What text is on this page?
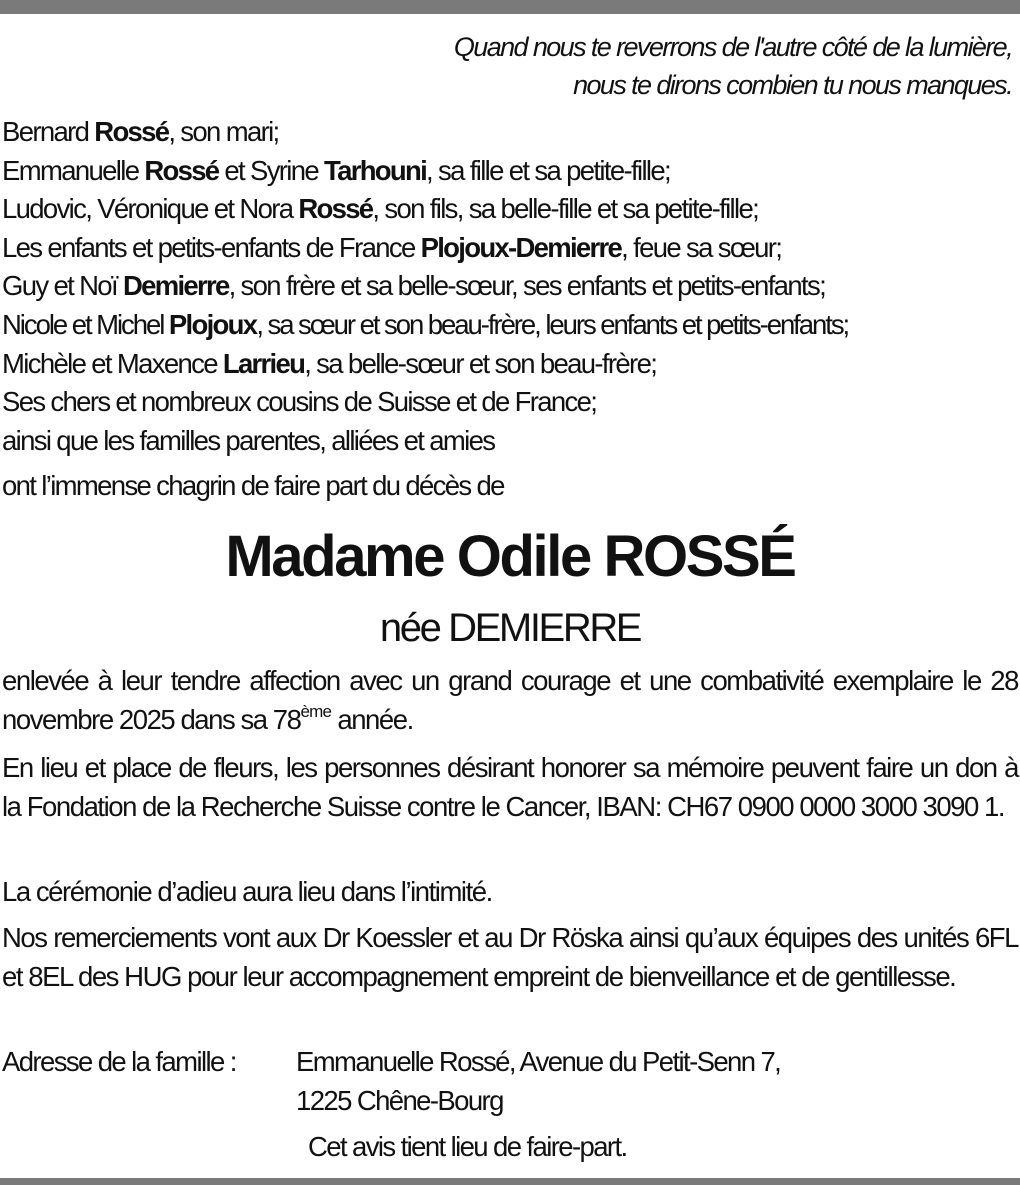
Quand nous te reverrons de l'autre côté de la lumière,
nous te dirons combien tu nous manques.
Bernard Rossé, son mari;
Emmanuelle Rossé et Syrine Tarhouni, sa fille et sa petite-fille;
Ludovic, Véronique et Nora Rossé, son fils, sa belle-fille et sa petite-fille;
Les enfants et petits-enfants de France Plojoux-Demierre, feue sa sœur;
Guy et Noï Demierre, son frère et sa belle-sœur, ses enfants et petits-enfants;
Nicole et Michel Plojoux, sa sœur et son beau-frère, leurs enfants et petits-enfants;
Michèle et Maxence Larrieu, sa belle-sœur et son beau-frère;
Ses chers et nombreux cousins de Suisse et de France;
ainsi que les familles parentes, alliées et amies
ont l’immense chagrin de faire part du décès de
Madame Odile ROSSÉ
née DEMIERRE
enlevée à leur tendre affection avec un grand courage et une combativité exemplaire le 28 novembre 2025 dans sa 78ème année.
En lieu et place de fleurs, les personnes désirant honorer sa mémoire peuvent faire un don à la Fondation de la Recherche Suisse contre le Cancer, IBAN: CH67 0900 0000 3000 3090 1.
La cérémonie d’adieu aura lieu dans l’intimité.
Nos remerciements vont aux Dr Koessler et au Dr Röska ainsi qu’aux équipes des unités 6FL et 8EL des HUG pour leur accompagnement empreint de bienveillance et de gentillesse.
Adresse de la famille : Emmanuelle Rossé, Avenue du Petit-Senn 7,
1225 Chêne-Bourg
Cet avis tient lieu de faire-part.
